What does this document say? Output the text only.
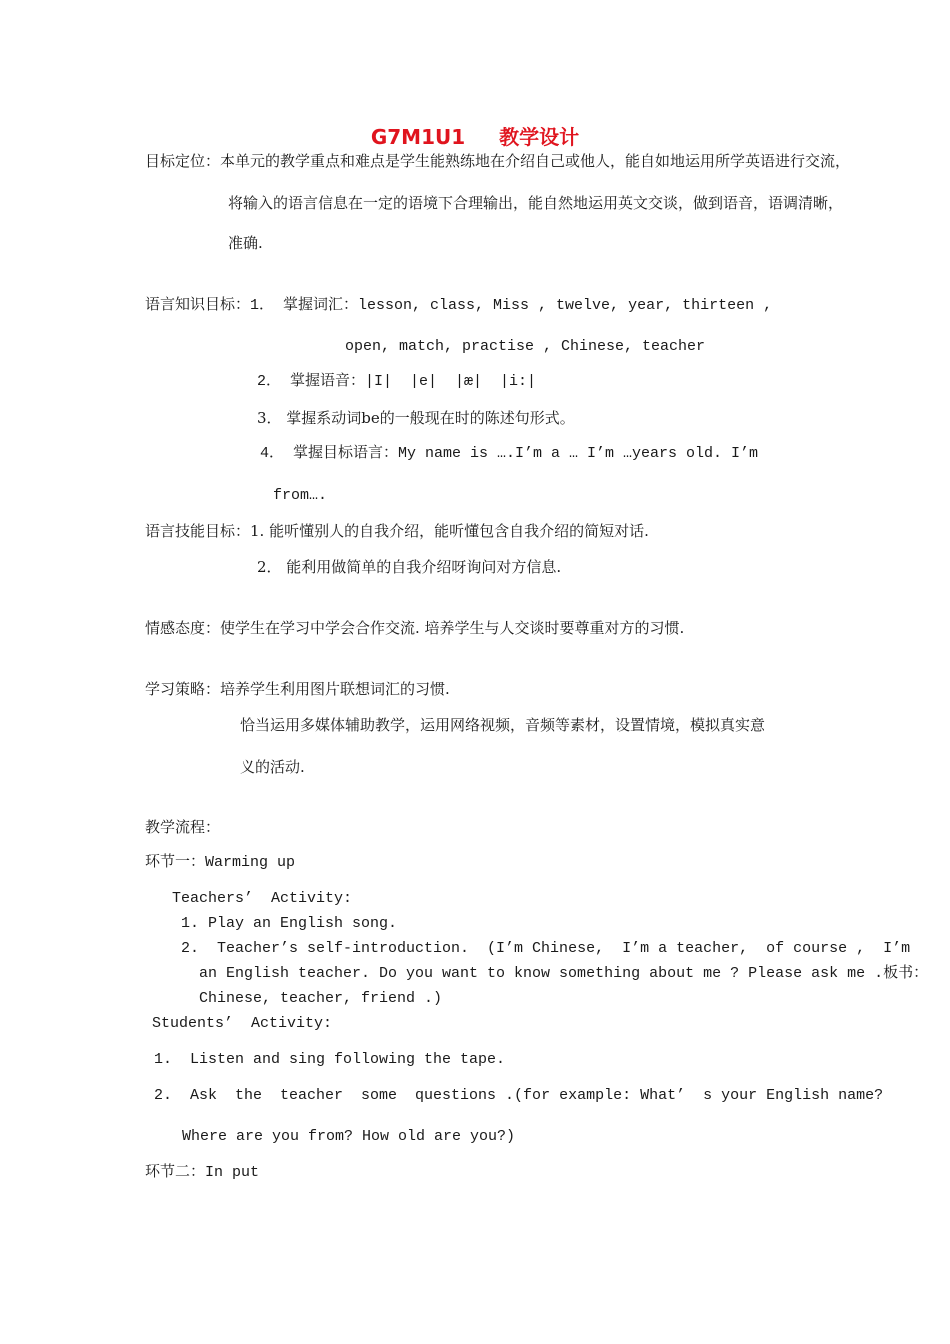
G7M1U1 教学设计
目标定位：本单元的教学重点和难点是学生能熟练地在介绍自己或他人，能自如地运用所学英语进行交流，
将输入的语言信息在一定的语境下合理输出，能自然地运用英文交谈，做到语音，语调清晰，
准确.
语言知识目标：1． 掌握词汇：lesson, class, Miss , twelve, year, thirteen ,
open, match, practise , Chinese, teacher
2． 掌握语音：|I|  |e|  |æ|  |i:|
3． 掌握系动词be的一般现在时的陈述句形式。
4． 掌握目标语言：My name is ….I’m a … I’m …years old. I’m
from….
语言技能目标：1. 能听懂别人的自我介绍，能听懂包含自我介绍的简短对话.
2． 能利用做简单的自我介绍呀询问对方信息.
情感态度：使学生在学习中学会合作交流. 培养学生与人交谈时要尊重对方的习惯.
学习策略：培养学生利用图片联想词汇的习惯.
恰当运用多媒体辅助教学，运用网络视频，音频等素材，设置情境，模拟真实意
义的活动.
教学流程：
环节一：Warming up
Teachers’  Activity:
1. Play an English song.
2.  Teacher’s self-introduction.  (I’m Chinese,  I’m a teacher,  of course ,  I’m
an English teacher. Do you want to know something about me ? Please ask me .板书：
Chinese, teacher, friend .)
Students’  Activity:
1.  Listen and sing following the tape.
2.  Ask  the  teacher  some  questions .(for example: What’  s your English name?
Where are you from? How old are you?)
环节二：In put
